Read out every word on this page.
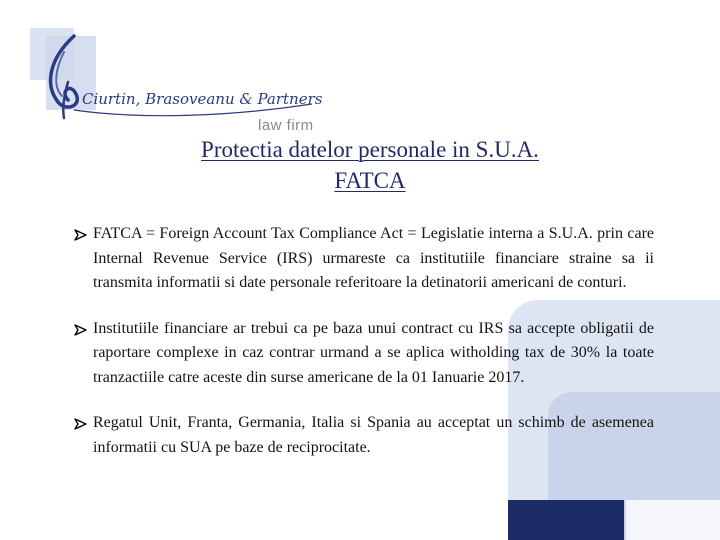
Ciurtin, Brasoveanu & Partners
law firm
Protectia datelor personale in S.U.A.
FATCA
FATCA = Foreign Account Tax Compliance Act = Legislatie interna a S.U.A. prin care Internal Revenue Service (IRS) urmareste ca institutiile financiare straine sa ii transmita informatii si date personale referitoare la detinatorii americani de conturi.
Institutiile financiare ar trebui ca pe baza unui contract cu IRS sa accepte obligatii de raportare complexe in caz contrar urmand a se aplica witholding tax de 30% la toate tranzactiile catre aceste din surse americane de la 01 Ianuarie 2017.
Regatul Unit, Franta, Germania, Italia si Spania au acceptat un schimb de asemenea informatii cu SUA pe baze de reciprocitate.
